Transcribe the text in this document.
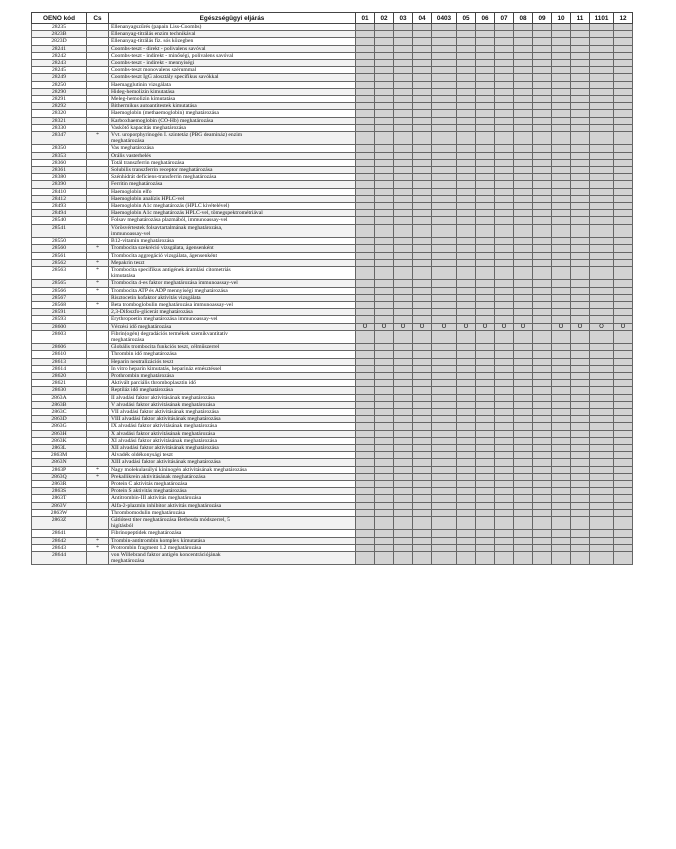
OENO kód	Cs	Egészségügyi eljárás	01	02	03	04	0403	05	06	07	08	09	10	11	1101	12
28235		Ellenanyagszűrés (papain Liss-Coombs)														

2823B		Ellenanyag-titrálás enzim technikával														

2823D		Ellenanyag-titrálás fiz. sós közegben														

28241		Coombs-teszt - direkt - polivalens savóval														

28242		Coombs-teszt - indirekt - minőségi, polivalens savóval														

28243		Coombs-teszt - indirekt - mennyiségi														

28245		Coombs-teszt monovalens szérummal														

28249		Coombs-teszt IgG alosztály specifikus savókkal														

28250		Haemagglutinin vizsgálata														

28290		Hideg-hemolizin kimutatása														

28291		Meleg-hemolizin kimutatása														

28292		Bithermikus autoantitestek kimutatása														

28320		Haemoglobin (methaemoglobin) meghatározása														

28321		Karboxhaemoglobin (CO-Hb) meghatározása														

28330		Vaskötő kapacitás meghatározása														

28347	*	Vvt. uroporphyrinogén I. szintetáz (PBG deamináz) enzim
meghatározása														

28350		Vas meghatározása														

28353		Orális vasterhelés														

28360		Totál transzferrin meghatározása														

28361		Solubilis transzferrin receptor meghatározása														

28380		Szénhidrát deficiens-transferrin meghatározása														

28390		Ferritin meghatározása														

28410		Haemoglobin elfo														

28412		Haemoglobin analízis HPLC-vel														

28493		Haemoglobin A1c meghatározás (HPLC kivételével)														

28494		Haemoglobin A1c meghatározás HPLC-vel, tömegspektrométriával														

28540		Folsav meghatározása plazmából, immunoassay-vel														

28541		Vörösvértestek folsavtartalmának meghatározása,
immunoassay-vel														

28550		B12-vitamin meghatározása														

28560	*	Trombocita szekréció vizsgálata, ágensenként														

28561		Trombocita aggregáció vizsgálata, ágensenként														

28562	*	Mepakrin teszt														

28563	*	Trombocita specifikus antigének áramlási citometriás
kimutatása														

28565	*	Trombocita 4-es faktor meghatározása immunoassay-vel														

28566	*	Trombocita ATP és ADP mennyiségi meghatározása														

28567		Risztocetin kofaktor aktivitás vizsgálata														

28568	*	Beta tromboglobulin meghatározása immunoassay-vel														

28591		2,3-Difoszfo-glicerát meghatározása														

28593		Erythropoetin meghatározása immunoassay-vel														

28600		Vérzési idő meghatározása	O	O	O	O	O	O	O	O	O		O	O	O	O
28603		Fibrin(ogén) degradációs termékek szemikvantitatív
meghatározása														

28606		Globális trombocita funkciós teszt, célműszerrel														

28610		Thrombin idő meghatározása														

28613		Heparin neutralizációs teszt														

28614		In vitro heparin kimutatás, heparináz emésztéssel														

28620		Prothrombin meghatározása														

28621		Aktivált parciális thromboplasztin idő														

28630		Reptiláz idő meghatározása														

2863A		II alvadási faktor aktivitásának meghatározása														

2863B		V alvadási faktor aktivitásának meghatározása														

2863C		VII alvadási faktor aktivitásának meghatározása														

2863D		VIII alvadási faktor aktivitásának meghatározása														

2863G		IX alvadási faktor aktivitásának meghatározása														

2863H		X alvadási faktor aktivitásának meghatározása														

2863K		XI alvadási faktor aktivitásának meghatározása														

2863L		XII alvadási faktor aktivitásának meghatározása														

2863M		Alvadék oldékonysági teszt														

2863N		XIII alvadási faktor aktivitásának meghatározása														

2863P	*	Nagy molekulasúlyú kininogén aktivitásának meghatározása														

2863Q	*	Prekallikrein aktivitásának meghatározása														

2863R		Protein C aktivitás meghatározása														

2863S		Protein S aktivitás meghatározása														

2863T		Antitrombin-III aktivitás meghatározása														

2863V		Alfa-2-plazmin inhibitor aktivitás meghatározása														

2863W		Thrombomodulin meghatározása														

2863Z		Gátlótest titer meghatározása Bethesda módszerrel, 5
higításból														

28641		Fibrinopeptidek meghatározása														

28642	*	Trombin-antitrombin komplex kimutatása														

28643	*	Protrombin fragment 1.2 meghatározása														

28644		von Willebrand faktor antigén koncentrációjának
meghatározása														
